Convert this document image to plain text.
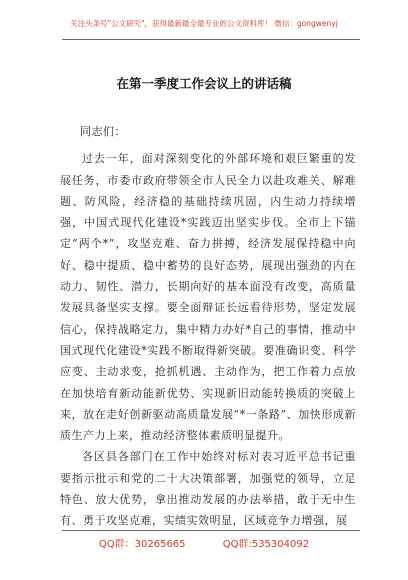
关注头条号"公文研究"，获得最新最全最专业的公文资料库！ 微信：gongwenyj
在第一季度工作会议上的讲话稿

同志们：

过去一年，面对深刻变化的外部环境和艰巨繁重的发展任务，市委市政府带领全市人民全力以赴攻难关、解难题、防风险，经济稳的基础持续巩固，内生动力持续增强，中国式现代化建设*实践迈出坚实步伐。全市上下锚定“两个*”，攻坚克难、奋力拼搏，经济发展保持稳中向好、稳中提质、稳中蓄势的良好态势，展现出强劲的内在动力、韧性、潜力，长期向好的基本面没有改变，高质量发展具备坚实支撑。要全面辩证长远看待形势，坚定发展信心，保持战略定力，集中精力办好*自己的事情，推动中国式现代化建设*实践不断取得新突破。要准确识变、科学应变、主动求变，抢抓机遇、主动作为，把工作着力点放在加快培育新动能新优势、实现新旧动能转换质的突破上来，放在走好创新驱动高质量发展“*一条路”、加快形成新质生产力上来，推动经济整体素质明显提升。

各区县各部门在工作中始终对标对表习近平总书记重要指示批示和党的二十大决策部署，加强党的领导，立足特色、放大优势，拿出推动发展的办法举措，敢于无中生有、勇于攻坚克难，实绩实效明显，区域竞争力增强，展

QQ群：30265665	QQ群:535304092
